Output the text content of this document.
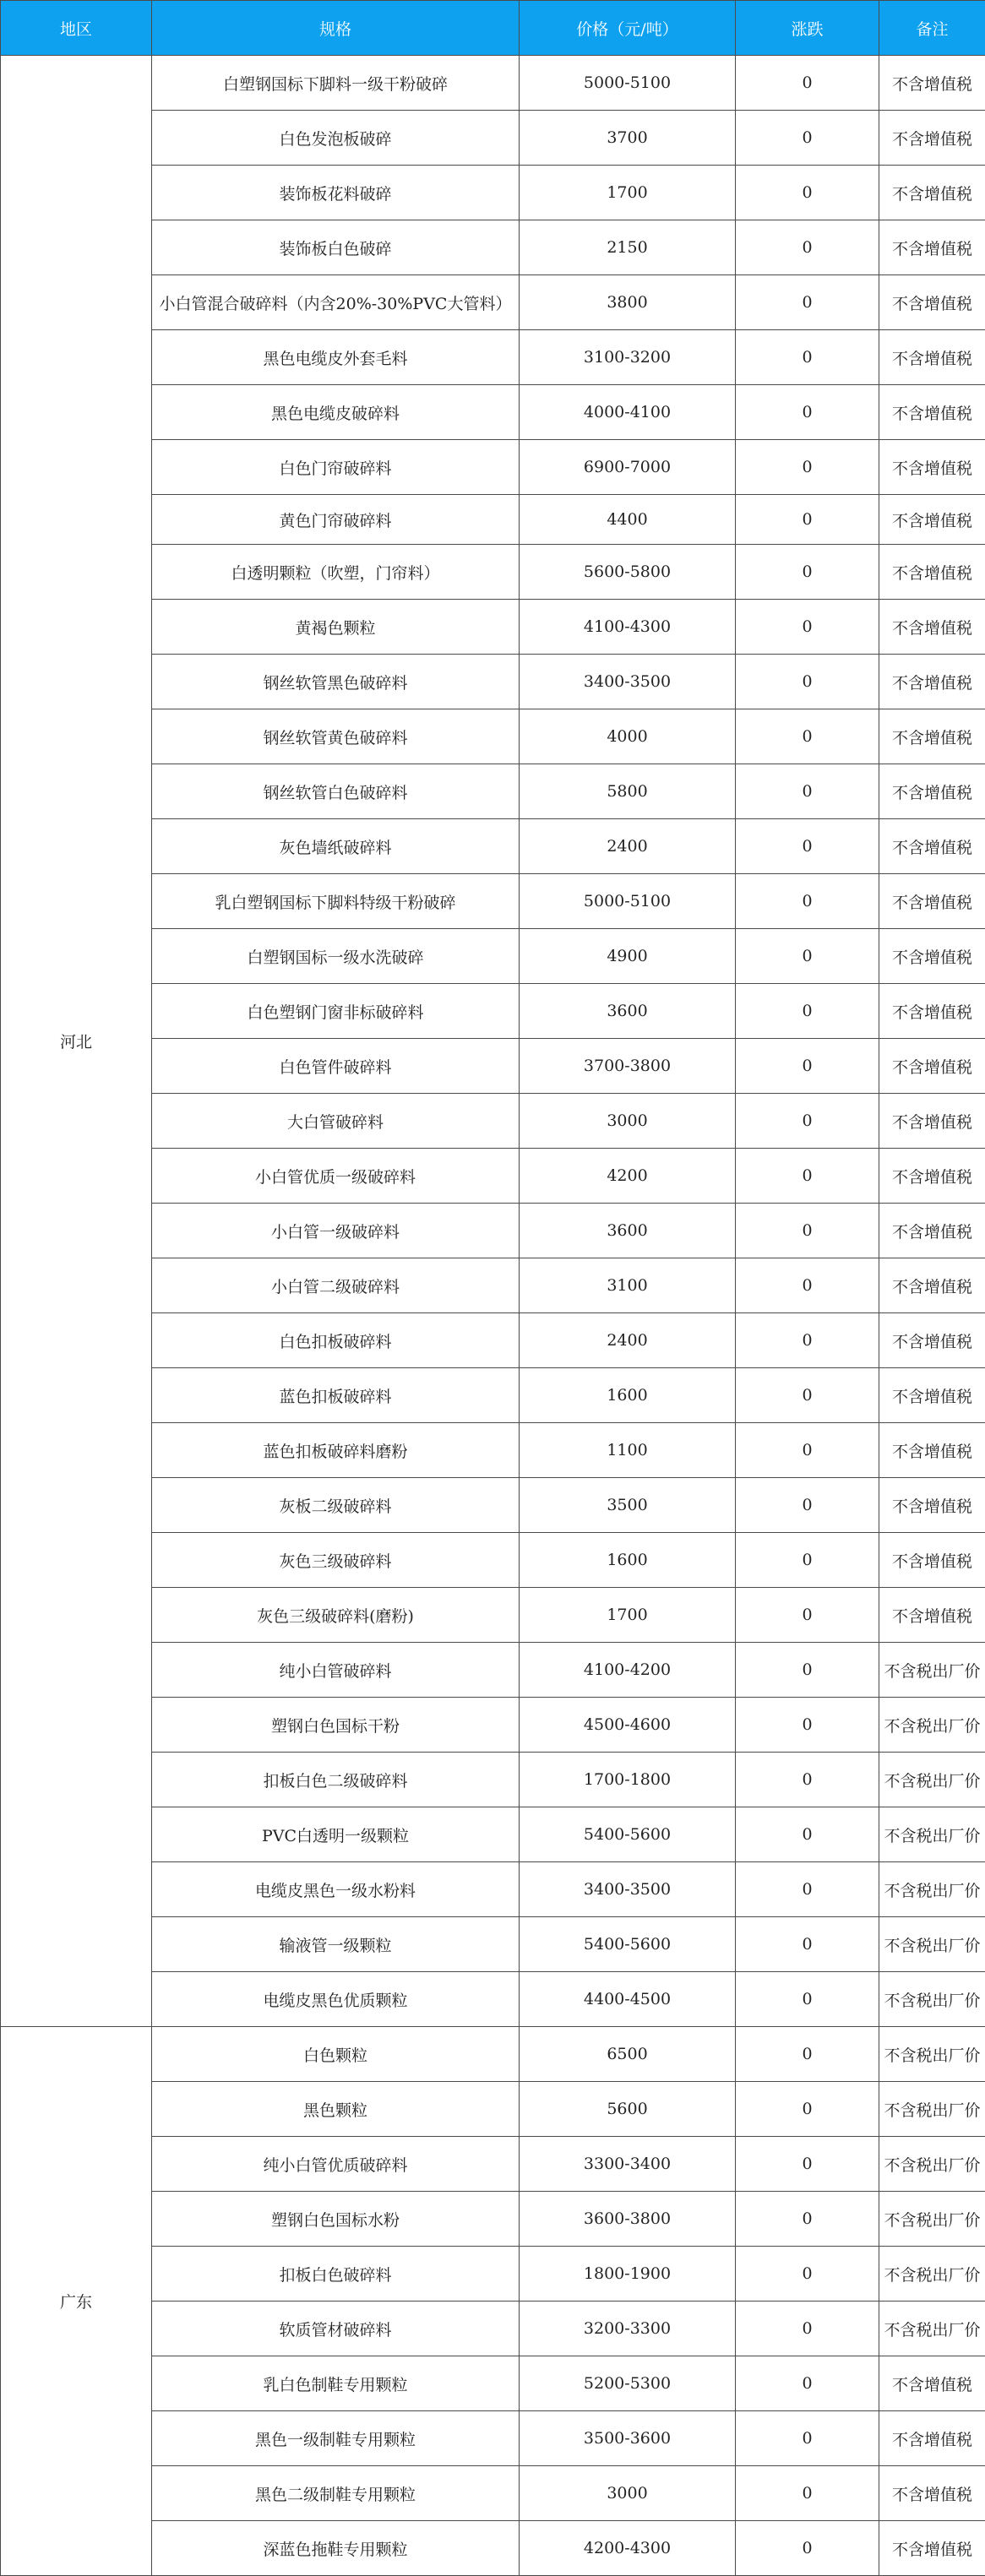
地区	规格	价格（元/吨）	涨跌	备注
河北	白塑钢国标下脚料一级干粉破碎	5000-5100	0	不含增值税
	白色发泡板破碎	3700	0	不含增值税
	装饰板花料破碎	1700	0	不含增值税
	装饰板白色破碎	2150	0	不含增值税
	小白管混合破碎料（内含20%-30%PVC大管料）	3800	0	不含增值税
	黑色电缆皮外套毛料	3100-3200	0	不含增值税
	黑色电缆皮破碎料	4000-4100	0	不含增值税
	白色门帘破碎料	6900-7000	0	不含增值税
	黄色门帘破碎料	4400	0	不含增值税
	白透明颗粒（吹塑，门帘料）	5600-5800	0	不含增值税
	黄褐色颗粒	4100-4300	0	不含增值税
	钢丝软管黑色破碎料	3400-3500	0	不含增值税
	钢丝软管黄色破碎料	4000	0	不含增值税
	钢丝软管白色破碎料	5800	0	不含增值税
	灰色墙纸破碎料	2400	0	不含增值税
	乳白塑钢国标下脚料特级干粉破碎	5000-5100	0	不含增值税
	白塑钢国标一级水洗破碎	4900	0	不含增值税
	白色塑钢门窗非标破碎料	3600	0	不含增值税
	白色管件破碎料	3700-3800	0	不含增值税
	大白管破碎料	3000	0	不含增值税
	小白管优质一级破碎料	4200	0	不含增值税
	小白管一级破碎料	3600	0	不含增值税
	小白管二级破碎料	3100	0	不含增值税
	白色扣板破碎料	2400	0	不含增值税
	蓝色扣板破碎料	1600	0	不含增值税
	蓝色扣板破碎料磨粉	1100	0	不含增值税
	灰板二级破碎料	3500	0	不含增值税
	灰色三级破碎料	1600	0	不含增值税
	灰色三级破碎料(磨粉)	1700	0	不含增值税
	纯小白管破碎料	4100-4200	0	不含税出厂价
	塑钢白色国标干粉	4500-4600	0	不含税出厂价
	扣板白色二级破碎料	1700-1800	0	不含税出厂价
	PVC白透明一级颗粒	5400-5600	0	不含税出厂价
	电缆皮黑色一级水粉料	3400-3500	0	不含税出厂价
	输液管一级颗粒	5400-5600	0	不含税出厂价
	电缆皮黑色优质颗粒	4400-4500	0	不含税出厂价
广东	白色颗粒	6500	0	不含税出厂价
	黑色颗粒	5600	0	不含税出厂价
	纯小白管优质破碎料	3300-3400	0	不含税出厂价
	塑钢白色国标水粉	3600-3800	0	不含税出厂价
	扣板白色破碎料	1800-1900	0	不含税出厂价
	软质管材破碎料	3200-3300	0	不含税出厂价
	乳白色制鞋专用颗粒	5200-5300	0	不含增值税
	黑色一级制鞋专用颗粒	3500-3600	0	不含增值税
	黑色二级制鞋专用颗粒	3000	0	不含增值税
	深蓝色拖鞋专用颗粒	4200-4300	0	不含增值税
